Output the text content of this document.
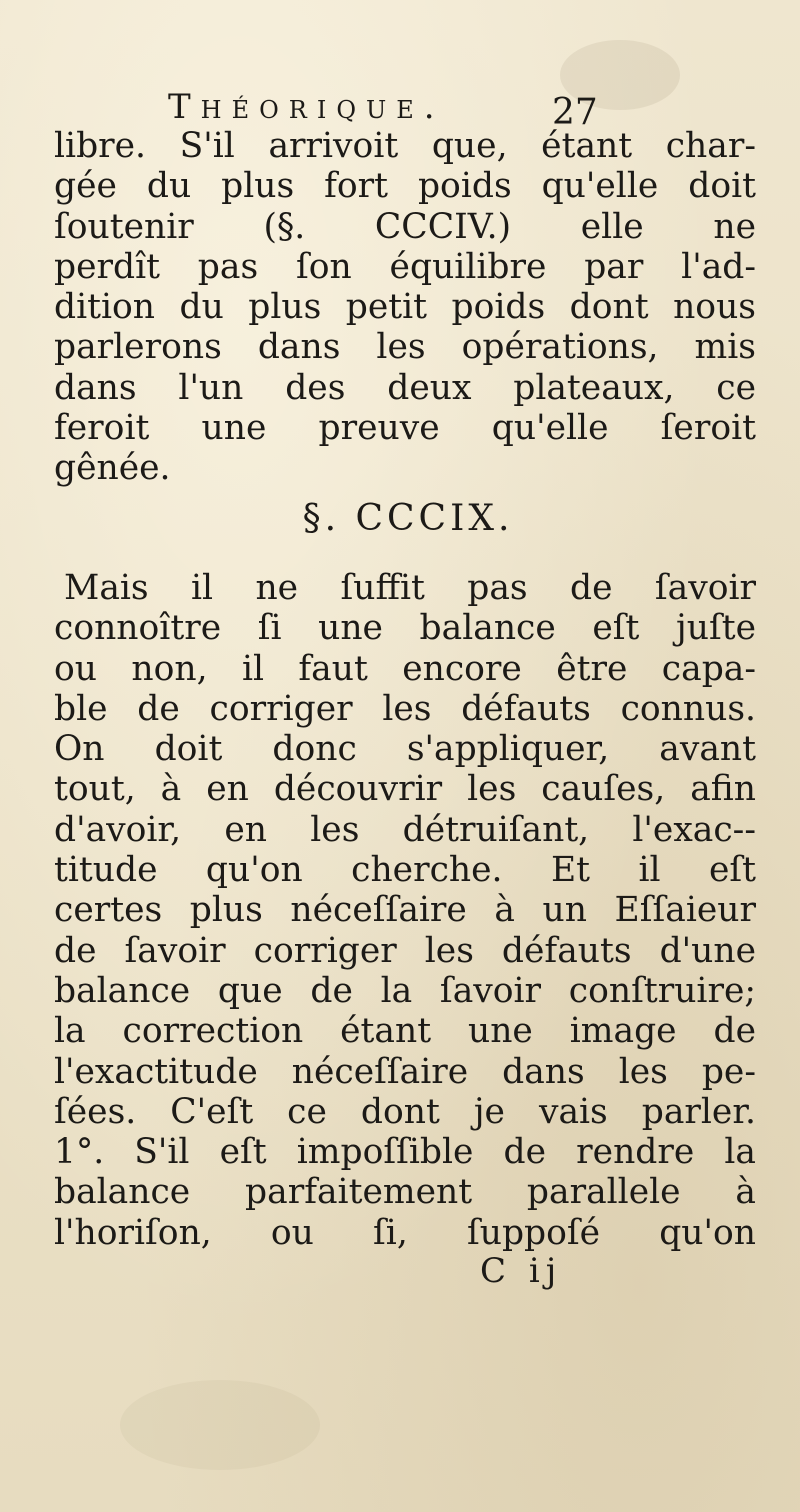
Théorique.	27
libre. S'il arrivoit que, étant char-
gée du plus fort poids qu'elle doit
ſoutenir (§. CCCIV.) elle ne
perdît pas ſon équilibre par l'ad-
dition du plus petit poids dont nous
parlerons dans les opérations, mis
dans l'un des deux plateaux, ce
feroit une preuve qu'elle ſeroit
gênée.
§. CCCIX.
Mais il ne ſuffit pas de ſavoir
connoître ſi une balance eſt juſte
ou non, il faut encore être capa-
ble de corriger les défauts connus.
On doit donc s'appliquer, avant
tout, à en découvrir les cauſes, afin
d'avoir, en les détruiſant, l'exac--
titude qu'on cherche. Et il eſt
certes plus néceſſaire à un Eſſaieur
de ſavoir corriger les défauts d'une
balance que de la ſavoir conſtruire;
la correction étant une image de
l'exactitude néceſſaire dans les pe-
ſées. C'eſt ce dont je vais parler.
1°. S'il eſt impoſſible de rendre la
balance parfaitement parallele à
l'horiſon, ou ſi, ſuppoſé qu'on
C ij
